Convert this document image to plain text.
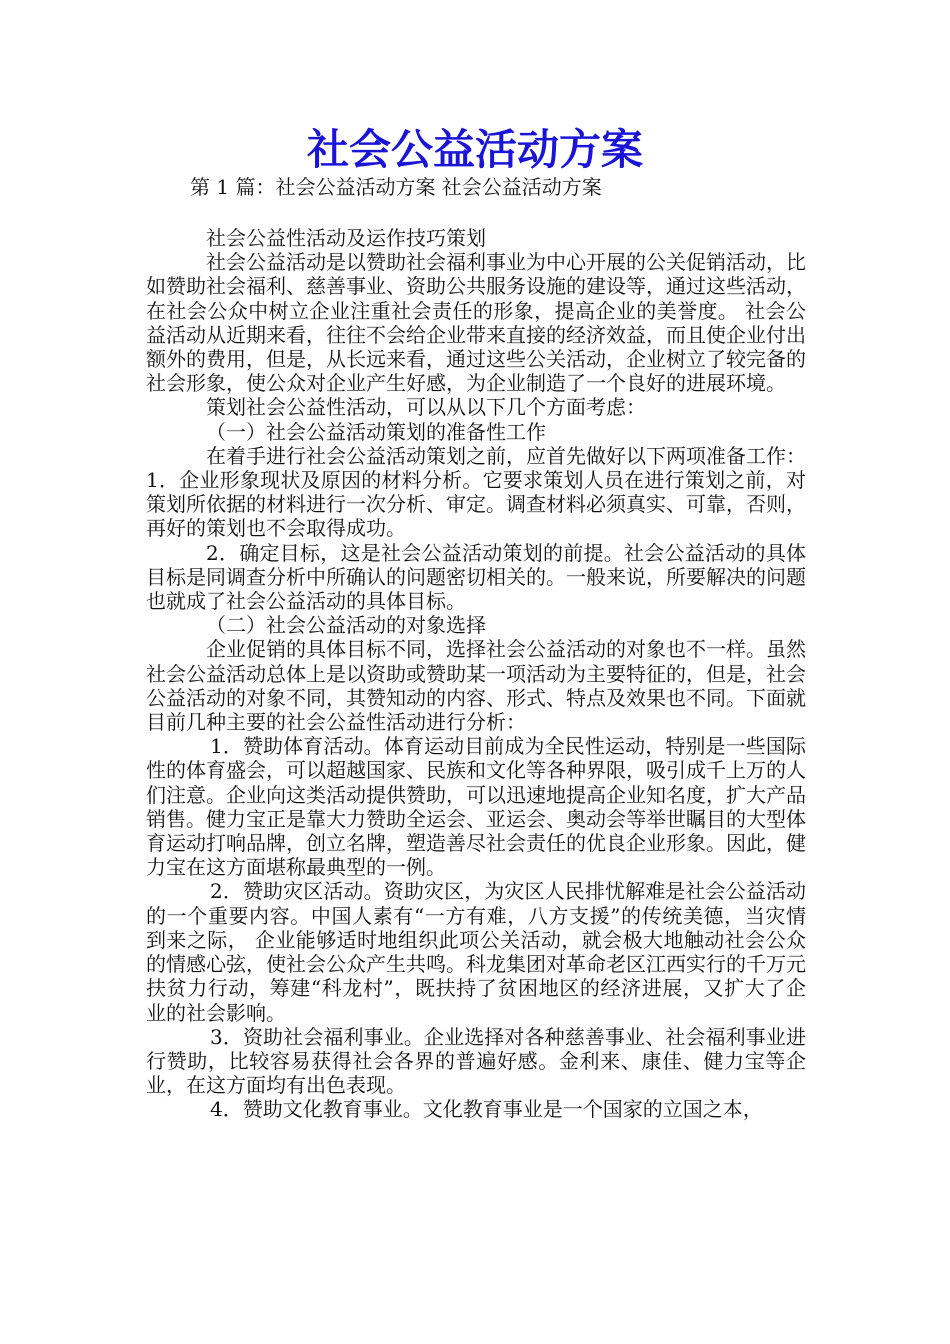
社会公益活动方案

第 1 篇：社会公益活动方案 社会公益活动方案

社会公益性活动及运作技巧策划

社会公益活动是以赞助社会福利事业为中心开展的公关促销活动，比如赞助社会福利、慈善事业、资助公共服务设施的建设等，通过这些活动，在社会公众中树立企业注重社会责任的形象，提高企业的美誉度。 社会公益活动从近期来看，往往不会给企业带来直接的经济效益，而且使企业付出额外的费用，但是，从长远来看，通过这些公关活动，企业树立了较完备的社会形象，使公众对企业产生好感，为企业制造了一个良好的进展环境。

策划社会公益性活动，可以从以下几个方面考虑：

（一）社会公益活动策划的准备性工作

在着手进行社会公益活动策划之前，应首先做好以下两项准备工作： 1．企业形象现状及原因的材料分析。它要求策划人员在进行策划之前，对策划所依据的材料进行一次分析、审定。调查材料必须真实、可靠，否则，再好的策划也不会取得成功。

2．确定目标，这是社会公益活动策划的前提。社会公益活动的具体目标是同调查分析中所确认的问题密切相关的。一般来说，所要解决的问题也就成了社会公益活动的具体目标。

（二）社会公益活动的对象选择

企业促销的具体目标不同，选择社会公益活动的对象也不一样。虽然社会公益活动总体上是以资助或赞助某一项活动为主要特征的，但是，社会公益活动的对象不同，其赞知动的内容、形式、特点及效果也不同。下面就目前几种主要的社会公益性活动进行分析：

1．赞助体育活动。体育运动目前成为全民性运动，特别是一些国际性的体育盛会，可以超越国家、民族和文化等各种界限，吸引成千上万的人们注意。企业向这类活动提供赞助，可以迅速地提高企业知名度，扩大产品销售。健力宝正是靠大力赞助全运会、亚运会、奥动会等举世瞩目的大型体育运动打响品牌，创立名牌，塑造善尽社会责任的优良企业形象。因此，健力宝在这方面堪称最典型的一例。

2．赞助灾区活动。资助灾区，为灾区人民排忧解难是社会公益活动的一个重要内容。中国人素有“一方有难，八方支援”的传统美德，当灾情到来之际， 企业能够适时地组织此项公关活动，就会极大地触动社会公众的情感心弦，使社会公众产生共鸣。科龙集团对革命老区江西实行的千万元扶贫力行动，筹建“科龙村”，既扶持了贫困地区的经济进展，又扩大了企业的社会影响。

3．资助社会福利事业。企业选择对各种慈善事业、社会福利事业进行赞助，比较容易获得社会各界的普遍好感。金利来、康佳、健力宝等企业，在这方面均有出色表现。

4．赞助文化教育事业。文化教育事业是一个国家的立国之本，
